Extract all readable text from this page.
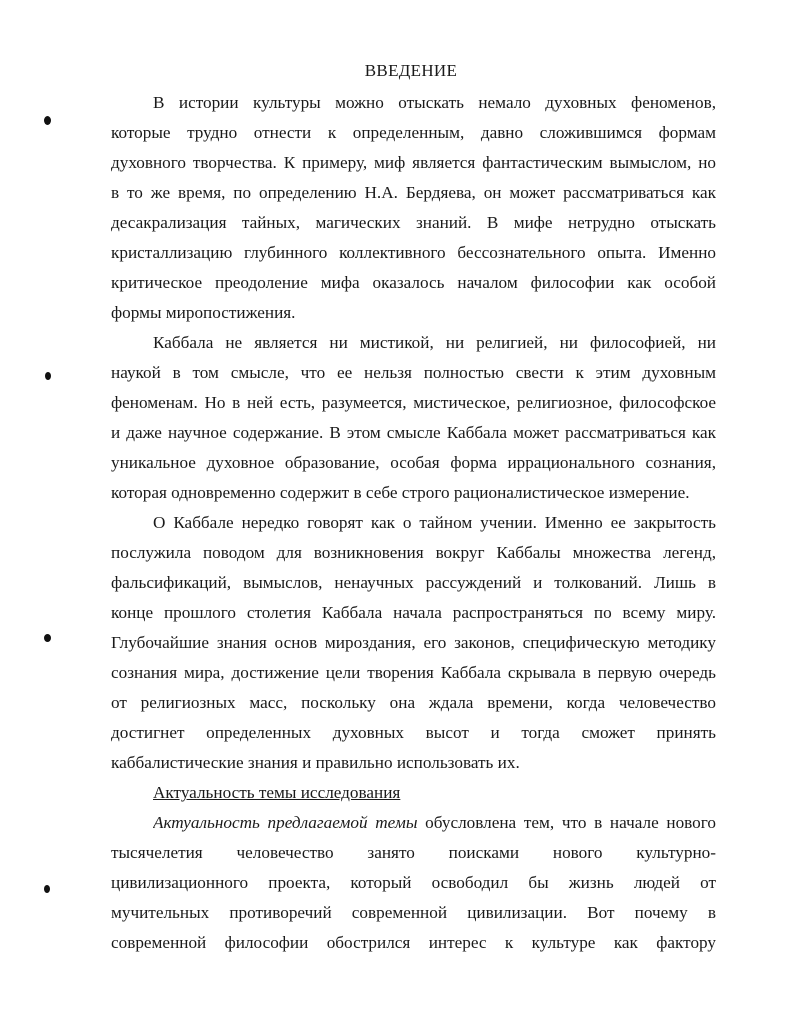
ВВЕДЕНИЕ
В истории культуры можно отыскать немало духовных феноменов,
которые трудно отнести к определенным, давно сложившимся формам
духовного творчества. К примеру, миф является фантастическим вымыслом, но
в то же время, по определению Н.А. Бердяева, он может рассматриваться как
десакрализация тайных, магических знаний. В мифе нетрудно отыскать
кристаллизацию глубинного коллективного бессознательного опыта. Именно
критическое преодоление мифа оказалось началом философии как особой
формы миропостижения.
Каббала не является ни мистикой, ни религией, ни философией, ни
наукой в том смысле, что ее нельзя полностью свести к этим духовным
феноменам. Но в ней есть, разумеется, мистическое, религиозное, философское
и даже научное содержание. В этом смысле Каббала может рассматриваться как
уникальное духовное образование, особая форма иррационального сознания,
которая одновременно содержит в себе строго рационалистическое измерение.
О Каббале нередко говорят как о тайном учении. Именно ее закрытость
послужила поводом для возникновения вокруг Каббалы множества легенд,
фальсификаций, вымыслов, ненаучных рассуждений и толкований. Лишь в
конце прошлого столетия Каббала начала распространяться по всему миру.
Глубочайшие знания основ мироздания, его законов, специфическую методику
сознания мира, достижение цели творения Каббала скрывала в первую очередь
от религиозных масс, поскольку она ждала времени, когда человечество
достигнет определенных духовных высот и тогда сможет принять
каббалистические знания и правильно использовать их.
Актуальность темы исследования
Актуальность предлагаемой темы обусловлена тем, что в начале нового
тысячелетия человечество занято поисками нового культурно-
цивилизационного проекта, который освободил бы жизнь людей от
мучительных противоречий современной цивилизации. Вот почему в
современной философии обострился интерес к культуре как фактору
